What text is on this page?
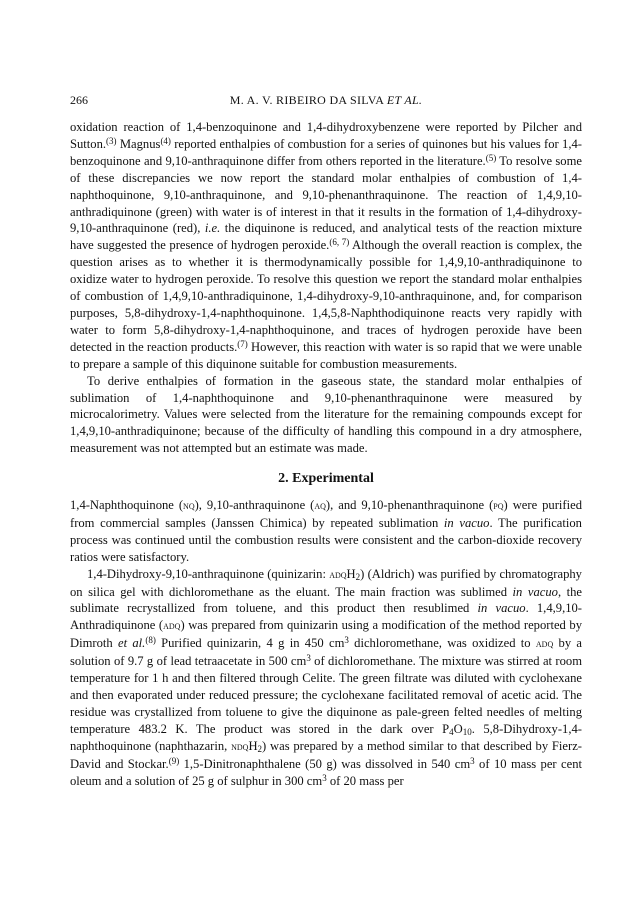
266	M. A. V. RIBEIRO DA SILVA ET AL.

oxidation reaction of 1,4-benzoquinone and 1,4-dihydroxybenzene were reported by Pilcher and Sutton.$^{(3)}$ Magnus$^{(4)}$ reported enthalpies of combustion for a series of quinones but his values for 1,4-benzoquinone and 9,10-anthraquinone differ from others reported in the literature.$^{(5)}$ To resolve some of these discrepancies we now report the standard molar enthalpies of combustion of 1,4-naphthoquinone, 9,10-anthraquinone, and 9,10-phenanthraquinone. The reaction of 1,4,9,10-anthradiquinone (green) with water is of interest in that it results in the formation of 1,4-dihydroxy-9,10-anthraquinone (red), i.e. the diquinone is reduced, and analytical tests of the reaction mixture have suggested the presence of hydrogen peroxide.$^{(6, 7)}$ Although the overall reaction is complex, the question arises as to whether it is thermodynamically possible for 1,4,9,10-anthradiquinone to oxidize water to hydrogen peroxide. To resolve this question we report the standard molar enthalpies of combustion of 1,4,9,10-anthradiquinone, 1,4-dihydroxy-9,10-anthraquinone, and, for comparison purposes, 5,8-dihydroxy-1,4-naphthoquinone. 1,4,5,8-Naphthodiquinone reacts very rapidly with water to form 5,8-dihydroxy-1,4-naphthoquinone, and traces of hydrogen peroxide have been detected in the reaction products.$^{(7)}$ However, this reaction with water is so rapid that we were unable to prepare a sample of this diquinone suitable for combustion measurements.

To derive enthalpies of formation in the gaseous state, the standard molar enthalpies of sublimation of 1,4-naphthoquinone and 9,10-phenanthraquinone were measured by microcalorimetry. Values were selected from the literature for the remaining compounds except for 1,4,9,10-anthradiquinone; because of the difficulty of handling this compound in a dry atmosphere, measurement was not attempted but an estimate was made.

2. Experimental

1,4-Naphthoquinone (nq), 9,10-anthraquinone (aq), and 9,10-phenanthraquinone (pq) were purified from commercial samples (Janssen Chimica) by repeated sublimation in vacuo. The purification process was continued until the combustion results were consistent and the carbon-dioxide recovery ratios were satisfactory.

1,4-Dihydroxy-9,10-anthraquinone (quinizarin: adqH$_2$) (Aldrich) was purified by chromatography on silica gel with dichloromethane as the eluant. The main fraction was sublimed in vacuo, the sublimate recrystallized from toluene, and this product then resublimed in vacuo. 1,4,9,10-Anthradiquinone (adq) was prepared from quinizarin using a modification of the method reported by Dimroth et al.$^{(8)}$ Purified quinizarin, 4 g in 450 $cm^3$ dichloromethane, was oxidized to adq by a solution of 9.7 g of lead tetraacetate in 500 $cm^3$ of dichloromethane. The mixture was stirred at room temperature for 1 h and then filtered through Celite. The green filtrate was diluted with cyclohexane and then evaporated under reduced pressure; the cyclohexane facilitated removal of acetic acid. The residue was crystallized from toluene to give the diquinone as pale-green felted needles of melting temperature 483.2 K. The product was stored in the dark over $P_4O_{10}$. 5,8-Dihydroxy-1,4-naphthoquinone (naphthazarin, ndqH$_2$) was prepared by a method similar to that described by Fierz-David and Stockar.$^{(9)}$ 1,5-Dinitronaphthalene (50 g) was dissolved in 540 $cm^3$ of 10 mass per cent oleum and a solution of 25 g of sulphur in 300 $cm^3$ of 20 mass per
